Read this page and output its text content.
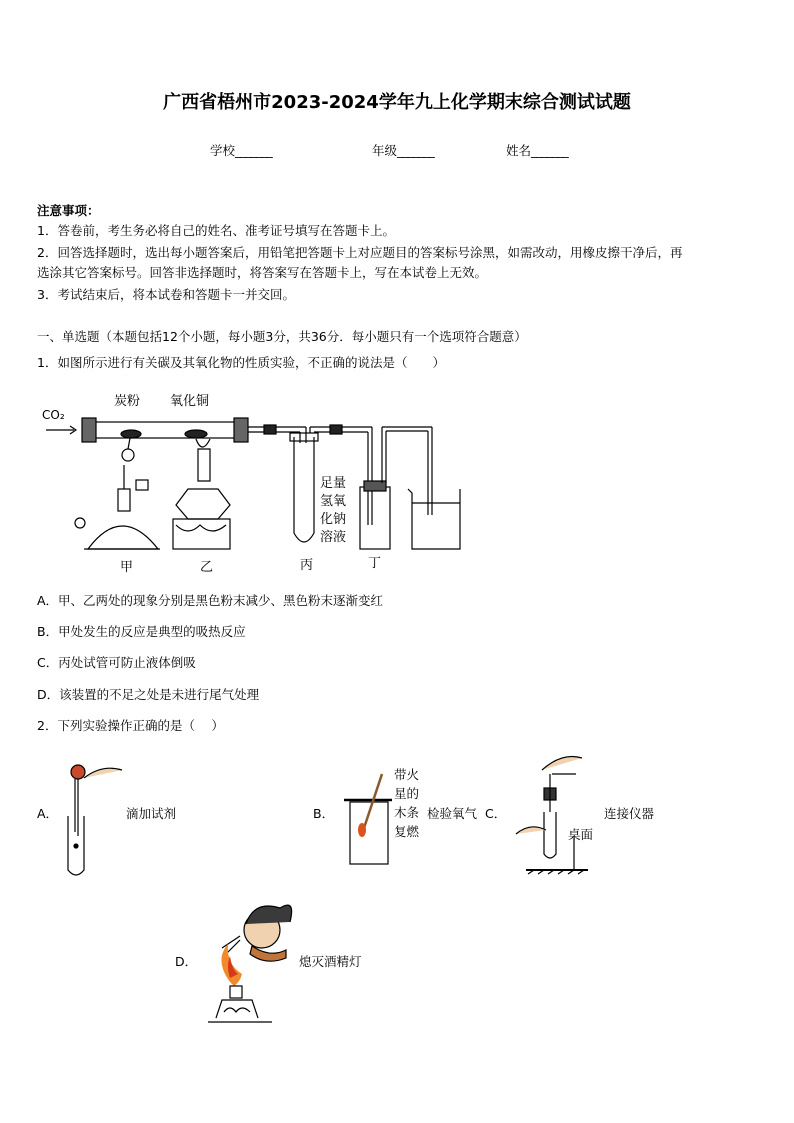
广西省梧州市2023-2024学年九上化学期末综合测试试题
学校_______	年级_______	姓名_______
注意事项：
1．答卷前，考生务必将自己的姓名、准考证号填写在答题卡上。
2．回答选择题时，选出每小题答案后，用铅笔把答题卡上对应题目的答案标号涂黑，如需改动，用橡皮擦干净后，再
选涂其它答案标号。回答非选择题时，将答案写在答题卡上，写在本试卷上无效。
3．考试结束后，将本试卷和答题卡一并交回。
一、单选题（本题包括12个小题，每小题3分，共36分．每小题只有一个选项符合题意）
1．如图所示进行有关碳及其氧化物的性质实验，不正确的说法是（　　）
CO₂
炭粉 氧化铜
足量
氢氧
化钠
溶液
甲	乙	丙	丁
A．甲、乙两处的现象分别是黑色粉末减少、黑色粉末逐渐变红
B．甲处发生的反应是典型的吸热反应
C．丙处试管可防止液体倒吸
D．该装置的不足之处是未进行尾气处理
2．下列实验操作正确的是（　 ）
A．	滴加试剂	B．
带火
星的
木条
复燃
检验氧气 C．
桌面
连接仪器
D．	熄灭酒精灯
